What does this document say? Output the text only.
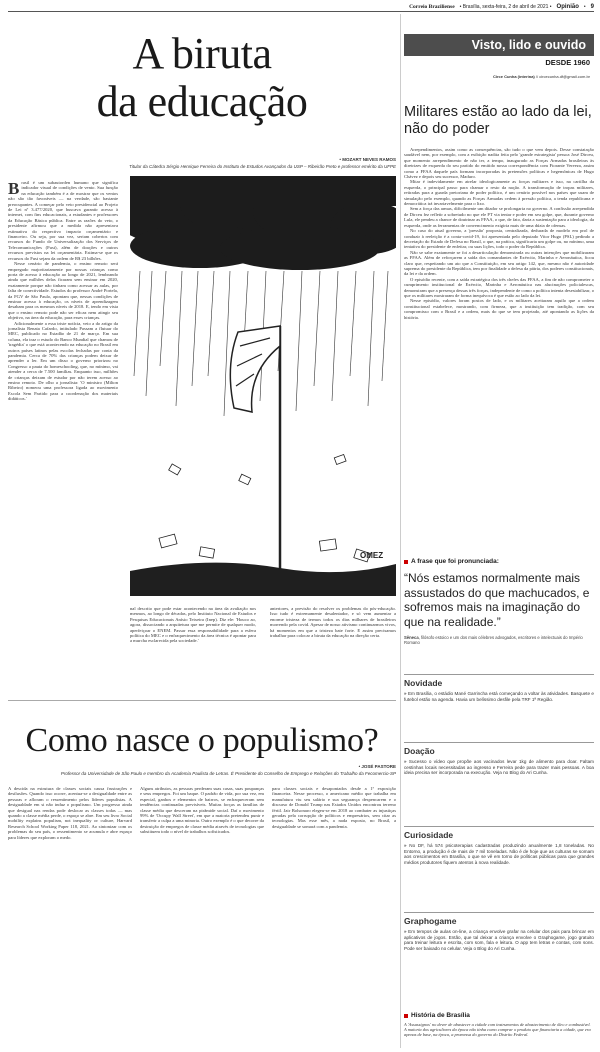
Correio Braziliense • Brasília, sexta-feira, 2 de abril de 2021 • Opinião • 9
A biruta
da educação
• MOZART NEVES RAMOS
Titular da Cátedra Sérgio Henrique Ferreira do Instituto de Estudos Avançados da USP – Ribeirão Preto e professor emérito da UFPE

Brasil é um subautorden humano que significa indicador visual de condições de vento. Sua função na educação também é a de mostrar que os ventos não são tão favoráveis — na verdade, são bastante preocupantes. A começar pelo veto presidencial ao Projeto de Lei nº 3.477/2020, que buscava garantir acesso à internet, com fins educacionais, a estudantes e professores da Educação Básica pública. Entre as razões do veto, o presidente afirmou que a medida não apresentava estimativa do respectivo impacto orçamentário e financeiro. Ou seja, por sua vez, seriam cobertos com recursos do Fundo de Universalização dos Serviços de Telecomunicações (Fust), além de doações e outros recursos previstos na lei orçamentária. Estima-se que os recursos do Fust sejam da ordem de R$ 23 bilhões.

Nesse cenário de pandemia, o ensino remoto será empregado majoritariamente por nossas crianças como porta de acesso à educação ao longo de 2021, lembrando ainda que milhões delas ficaram sem ensinar em 2020, exatamente porque não tinham como acessar as aulas, por falta de conectividade. Estudos do professor André Portela, da FGV de São Paulo, apontam que, nessas condições de ensinar acesso à educação, os níveis de aprendizagem desabam para os mesmos níveis de 2018. E, tendo em vista que o ensino remoto pode não ser eficaz nem atingir seu objetivo, na área da educação, para esses crianças.

Adicionalmente a essa triste notícia, veio a do artigo da jornalista Renata Cafardo, intitulado Passam a flutuar do MEC, publicado no Estadão de 21 de março. Em sua coluna, ela traz o estudo do Banco Mundial que chamou de 'tragédia' o que está acontecendo na educação no Brasil em outros países latinos pelas escolas fechadas por conta da pandemia. Cerca de 70% das crianças podem deixar de aprender a ler. Em um disso o governo priorizou no Congresso a pauta do homeschooling, que, no mínimo, vai atender a cerca de 7.500 famílias. Enquanto isso, milhões de crianças deixam de estudar por não terem acesso ao ensino remoto. De olho a jornalista: 'O ministro (Milton Ribeiro) nomeou uma professora ligada ao movimento Escola Sem Partido para a coordenação dos materiais didáticos.'

OMEZ

nal descrito que pode estar acontecendo na área da avaliação nos mesmos, ao longo de décadas, pelo Instituto Nacional de Estudos e Pesquisas Educacionais Anísio Teixeira (Inep). Diz ele: 'Houco ao, agora, dissociando a arquitetura que me permite de qualquer modo, aperfeiçoar o ENEM. Passar essa responsabilidade para a esfera política do MEC e o enfraquecimento da área técnica é apontar para a murcha esclarecida pela sociedade.'

anteriores, a previsão do resolver os problemas do pós-educação. Isso tudo é extremamente desalentador, e só vem aumentar a enorme tristeza de termos todos os dias milhares de brasileiros morrendo pela covid. Apesar de nosso ativismo continuarmos vivos, há momentos em que a tristeza bate forte. E assim precisamos trabalhar para colocar a biruta da educação na direção certa.

Como nasce o populismo?
• JOSÉ PASTORE
Professor da Universidade de São Paulo e membro da Academia Paulista de Letras. É Presidente do Conselho de Emprego e Relações do Trabalho da Fecomercio-SP

A descida na estrutura de classes sociais causa frustrações e desilusões. Quando isso ocorre, acentua-se a desigualdade entre as pessoas e afloram o ressentimento pelos líderes populistas. A desigualdade em si não induz o populismo. Um progresso ainda que desigual nas rendas pode deslocar as classes todas — mas quando a classe média perde, o espaço se abre. Em seu livro Social mobility explains populism, not inequality or culture, Harvard Research School Working Paper 118, 2021. Ao sintonizar com os problemas do seu país, o ressentimento se acumula e abre espaço para líderes que exploram o medo.

Alguns atributos, as pessoas perderam suas casas, suas poupanças e seus empregos. Foi um baque. O padrão de vida, por sua vez, em especial, ganhos e elementos de bairros, se enfraqueceram sem tendências continuadas previsíveis. Muitas forças as famílias de classe média que desceram na pirâmide social. Daí o movimento 99% de 'Occupy Wall Street', em que a maioria pretendeu punir e transferir a culpa a uma minoria. Outro exemplo é o que decorre da destruição de empregos de classe média através de tecnologias que substituem todo o nível de trabalhos sofisticados.

para classes sociais e desapontados desde a 1ª exposição financeira. Nesse processo, o americano médio que trabalha em manufatura viu seu salário e sua segurança despencarem e o discurso de Donald Trump nas Estados Unidos encontrou terreno fértil. Jair Bolsonaro elegeu-se em 2018 ao combater as injustiças geradas pela corrupção de políticos e empresários, sem citar as tecnologias. Mas esse mês, a nada exposto, no Brasil, a desigualdade se somará com a pandemia.

Visto, lido e ouvido
DESDE 1960
Circe Cunha (interina) // circecunha.df@gmail.com.br
Militares estão ao lado da lei, não do poder

Arrependimentos, assim como as consequências, são tudo o que vem depois. Desse constatação saudável nem, por exemplo, com a exibição nadita feita pelo 'grande estrategista' pessoa José Dirceu, que momento arrependimento de não ter, a tempo, inaugurado as Forças Armadas brasileiras às diretrizes de esquerda do seu partido do emitido nossa correspondência com Fiorante Vereeza, assim como a FFAA daquele país formam incorporadas às pretensões políticas e hegemônicas de Hugo Chávez e depois seu sucessor, Maduro.

Mitar é indevidamente em atrelar ideologicamente as forças militares e isso, na cartilha da esquerda, o principal passo para chamar o resto da nação. A transformação de tropas militares, retiradas para a guarda pretoriana de poder político, é um cenário possível nos países que usam de simulação pelo exemplo, quando as Forças Armadas cedem à pressão política, a tenda republicana e democrática irá invariavelmente para o lixo.

Sem a força das armas, dificilmente um ditador se prolongaria no governo. A confissão arrependida de Dirceu fez refletir a sobretudo no que ele PT via tentar e poder em seu golpe, que, durante governo Lula, ele pendeu a chance de doutrinar as FFAA, o que, de fato, daria a sustentação para a ideologia, da esquerda, onde as ferramentas de convencimento exigiria mais de uma dúzia de ofensas.

No caso do atual governo, a 'pressão' proposta, centralizada, dedurada de modelo em prol de conduzir à reeleição é a conta-covid-19, foi apresentada pelo deputado Vitor Hugo (PSL) pedindo a decretação do Estado de Defesa no Brasil, o que, na prática, significaria um golpe ou, no mínimo, uma tentativa do presidente de enfeitar, ou suas lições, todo o poder da República.

Não se sabe exatamente se foi a desarticulação demonstrada ou outras intenções que mobilizaram as FFAA. Além de reforçarem a saída dos comandantes de Exército, Marinha e Aeronáutica, ficou claro que, respeitando um ato que a Constituição, em seu artigo 142, que, mesmo não é autoridade suprema do presidente da República, tem por finalidade a defesa da pátria, dos poderes constitucionais, da lei e da ordem.

O episódio recente, com a saída estratégica dos três chefes das FFAA, a fim de não comprometer o cumprimento institucional de Exército, Marinha e Aeronáutica nas alucinações policialescas, demonstram que a presença dessas três forças, independente de como a política intenta desestabilizar, o que os militares mostraram de forma inequívoca é que estão ao lado da lei.

Nesse episódio, valores foram postos de lado, e os militares aceitaram aquilo que a ordem constitucional estabelece, mostrando, com firmeza, que a instituição tem tradição, com seu compromisso com o Brasil e a ordem, mais do que se tem projetado, até apontando as lições da história.

A frase que foi pronunciada:
“Nós estamos normalmente mais assustados do que machucados, e sofremos mais na imaginação do que na realidade.”
Sêneca, filósofo estoico e um dos mais célebres advogados, escritores e intelectuais do Império Romano
Novidade
» Em Brasília, o estádio Mané Garrincha está começando a voltar às atividades. Basquete e futebol estão na agenda. Havia um belíssimo desfile pela TRF 1ª Região.
Doação
» Sucesso o vídeo que propõe aos vacinados levar 1kg de alimento para doar. Faltam cestinhas locais necessitadas ao ingresso e Ferreira pede para trazer mais pessoas. A boa ideia precisa ser incorporada na execução. Veja no Blog do Ari Cunha.
Curiosidade
» No DF, há 574 psicoterapias cadastradas produzindo anualmente 1,8 toneladas. No Entorno, a produção é de mais de 7 mil toneladas. Não é de hoje que as culturas se somam aos crescimentos em Brasília, o que se vê em torno de políticas públicas para que grandes médios produtores fiquem atentos à nova realidade.
Graphogame
» Em tempos de aulas on-line, a criança envolve grafar na celular dos pais para brincar em aplicativos de jogos. Então, que tal deixar a criança envolve o Graphogame, jogo gratuito para treinar leitura e escrita, com som, fala e leitura. O app tem letras e contas, com sons. Pode ser baixado no celular. Veja o Blog do Ari Cunha.
História de Brasília
A 'Assassignos' no dever de abastecer a cidade com instrumentos de abastecimento de óleo e combustível. A maioria dos agricultores da época não tinha como comprar o produto que financiaria a cidade, que era apenas de base, na época, a promessa do governo do Distrito Federal.
